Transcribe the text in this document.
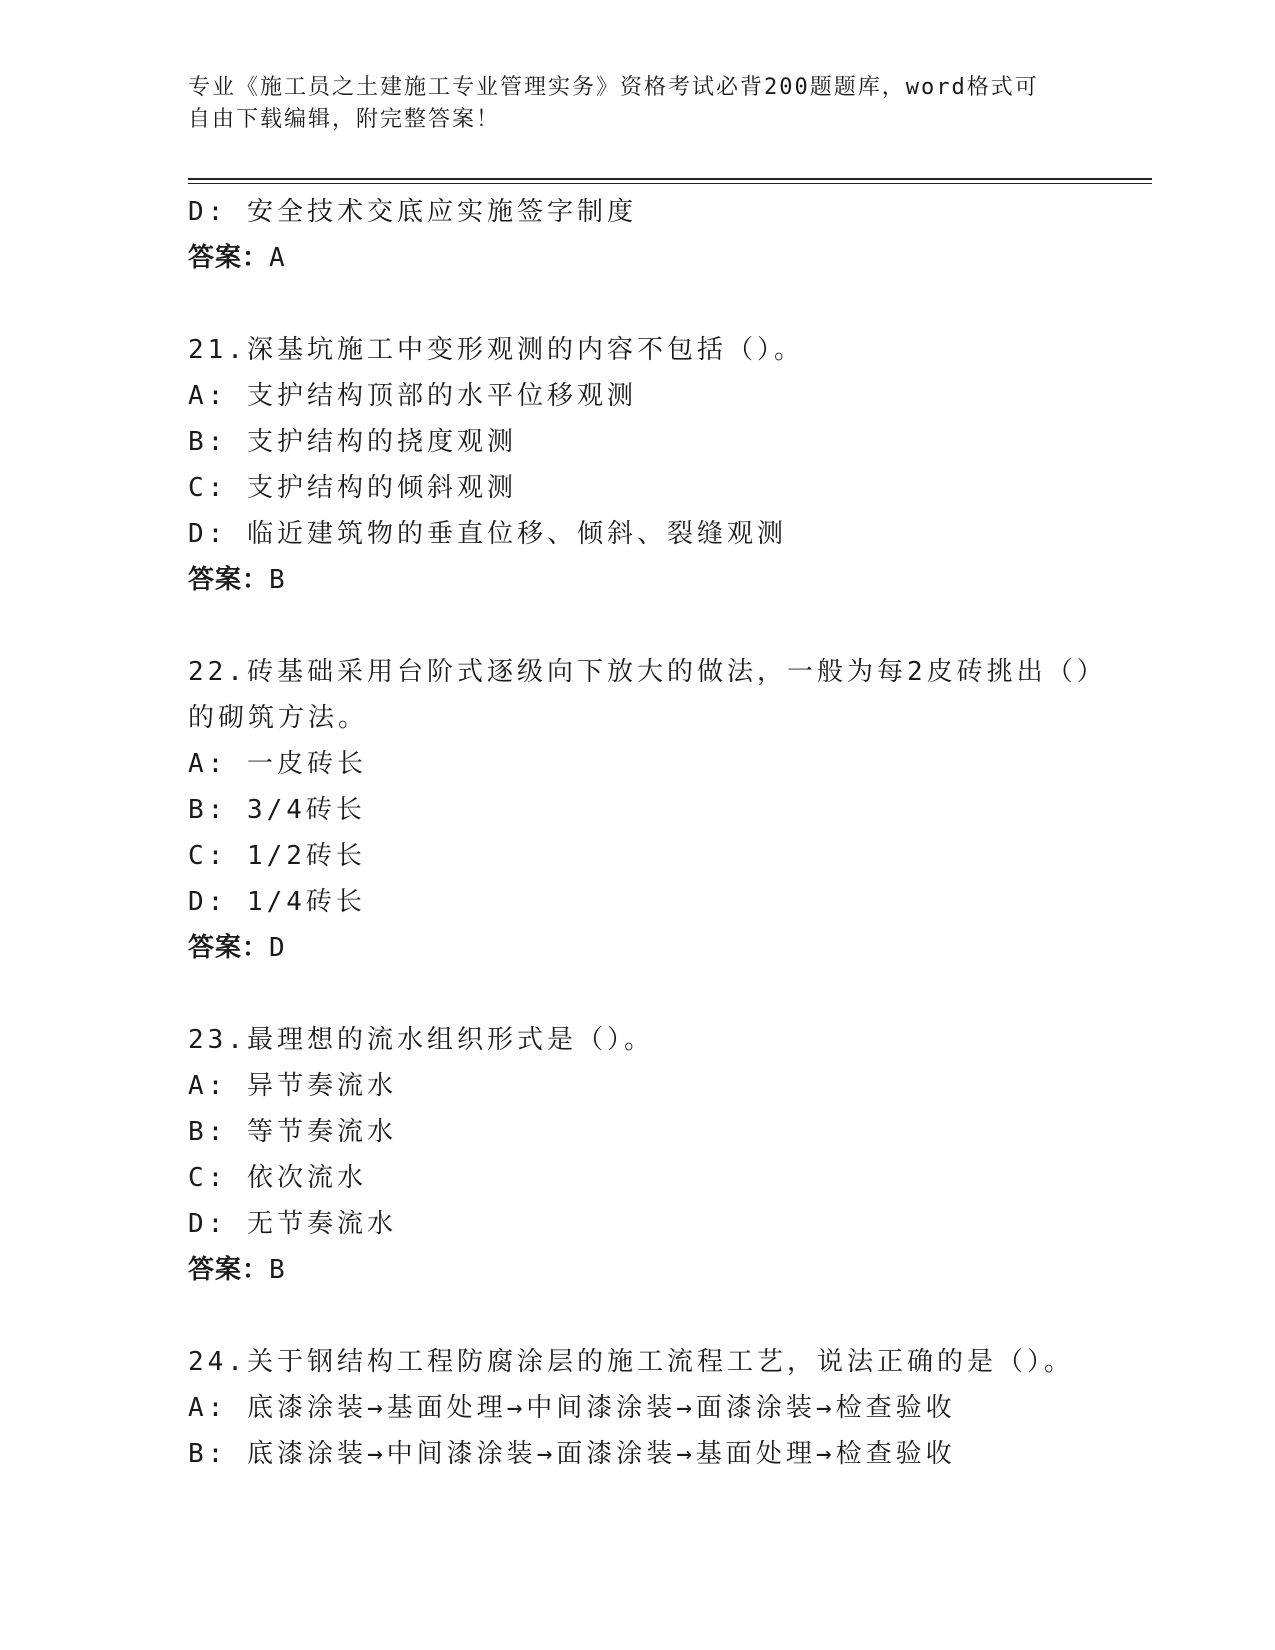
专业《施工员之土建施工专业管理实务》资格考试必背200题题库，word格式可
自由下载编辑，附完整答案！
D: 安全技术交底应实施签字制度
答案：A
21.深基坑施工中变形观测的内容不包括（）。
A: 支护结构顶部的水平位移观测
B: 支护结构的挠度观测
C: 支护结构的倾斜观测
D: 临近建筑物的垂直位移、倾斜、裂缝观测
答案：B
22.砖基础采用台阶式逐级向下放大的做法，一般为每2皮砖挑出（）
的砌筑方法。
A: 一皮砖长
B: 3/4砖长
C: 1/2砖长
D: 1/4砖长
答案：D
23.最理想的流水组织形式是（）。
A: 异节奏流水
B: 等节奏流水
C: 依次流水
D: 无节奏流水
答案：B
24.关于钢结构工程防腐涂层的施工流程工艺，说法正确的是（）。
A: 底漆涂装→基面处理→中间漆涂装→面漆涂装→检查验收
B: 底漆涂装→中间漆涂装→面漆涂装→基面处理→检查验收
